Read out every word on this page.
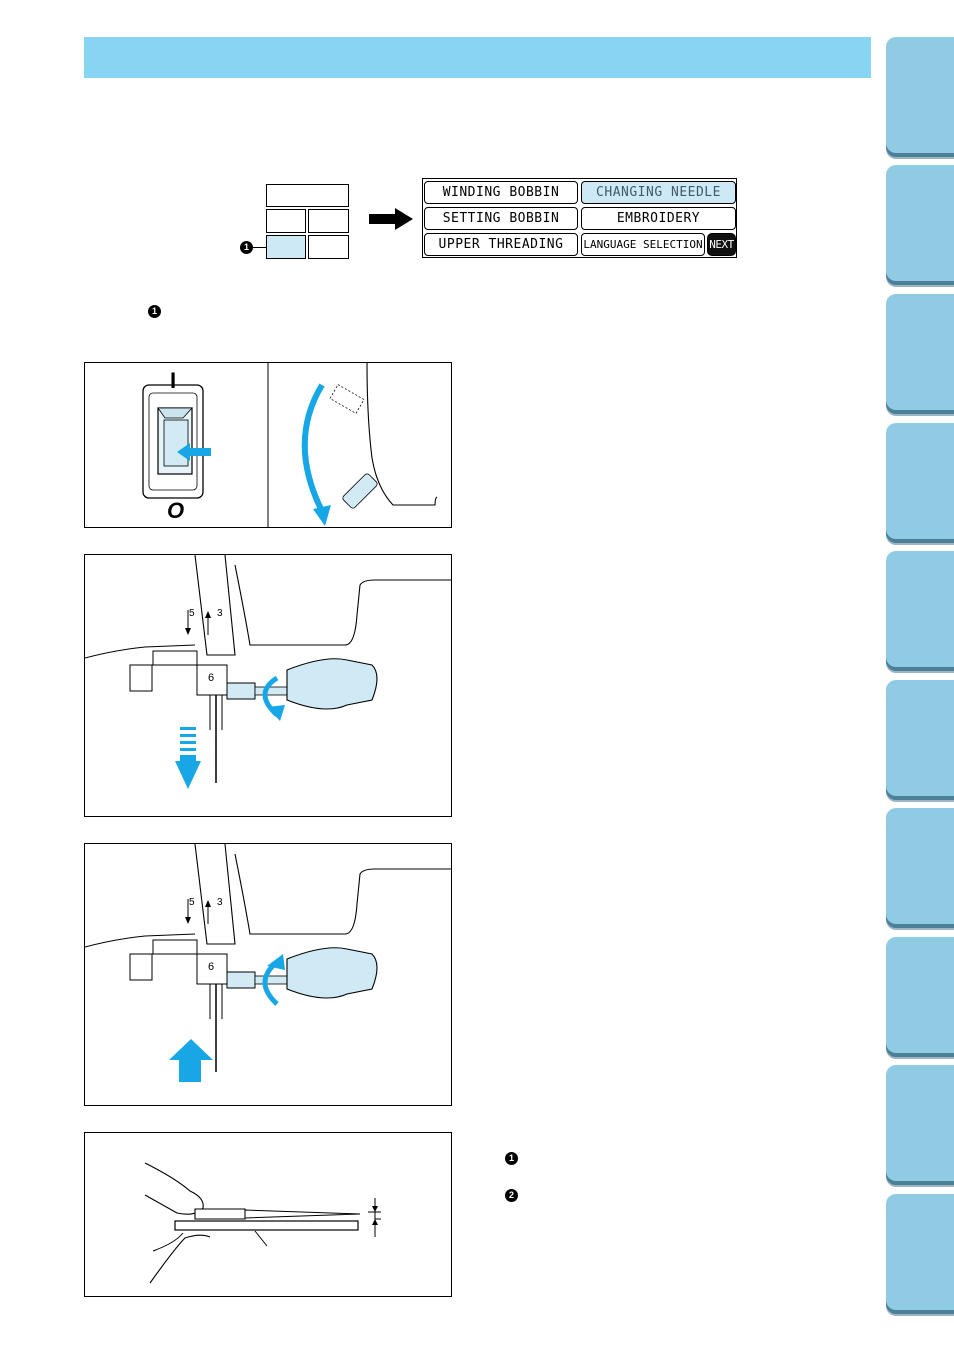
1
WINDING BOBBIN	CHANGING NEEDLE
SETTING BOBBIN	EMBROIDERY
UPPER THREADING	LANGUAGE SELECTION NEXT
1
I
O
5 3
6
5 3
6
1
2
